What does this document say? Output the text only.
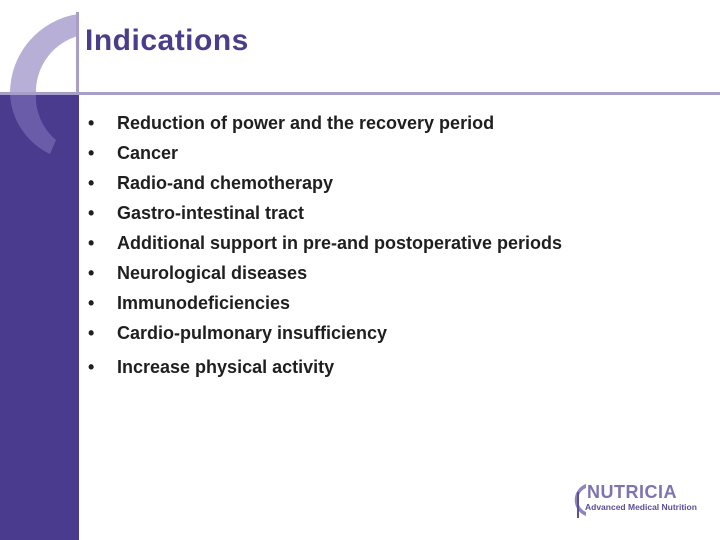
Indications
•	Reduction of power and the recovery period
•	Cancer
•	Radio-and chemotherapy
•	Gastro-intestinal tract
•	Additional support in pre-and postoperative periods
•	Neurological diseases
•	Immunodeficiencies
•	Cardio-pulmonary insufficiency
•	Increase physical activity
NUTRICIA
Advanced Medical Nutrition
